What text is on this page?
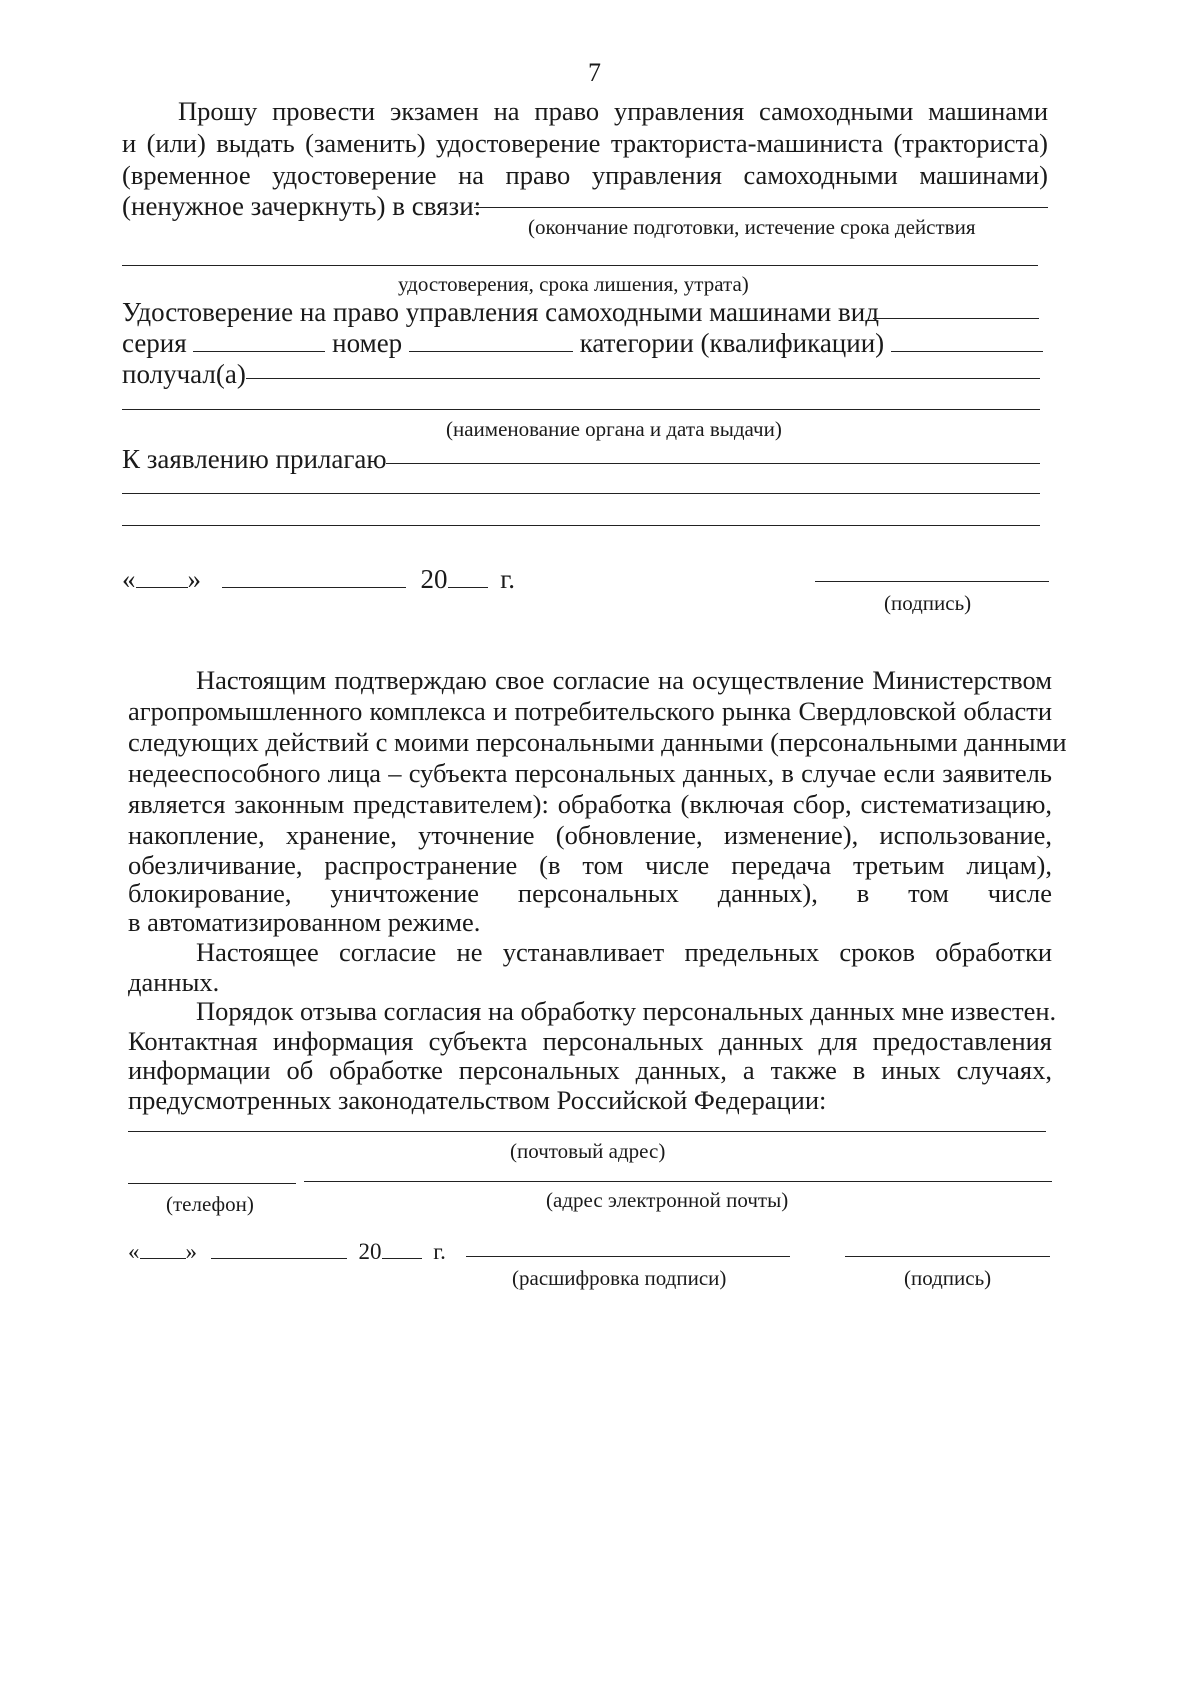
7
Прошу провести экзамен на право управления самоходными машинами
и (или) выдать (заменить) удостоверение тракториста-машиниста (тракториста)
(временное удостоверение на право управления самоходными машинами)
(ненужное зачеркнуть) в связи:
(окончание подготовки, истечение срока действия
удостоверения, срока лишения, утрата)
Удостоверение на право управления самоходными машинами вид
серия	номер	категории (квалификации)
получал(а)
(наименование органа и дата выдачи)
К заявлению прилагаю
« »	20 г.
(подпись)
Настоящим подтверждаю свое согласие на осуществление Министерством
агропромышленного комплекса и потребительского рынка Свердловской области
следующих действий с моими персональными данными (персональными данными
недееспособного лица – субъекта персональных данных, в случае если заявитель
является законным представителем): обработка (включая сбор, систематизацию,
накопление, хранение, уточнение (обновление, изменение), использование,
обезличивание, распространение (в том числе передача третьим лицам),
блокирование, уничтожение персональных данных), в том числе
в автоматизированном режиме.
Настоящее согласие не устанавливает предельных сроков обработки
данных.
Порядок отзыва согласия на обработку персональных данных мне известен.
Контактная информация субъекта персональных данных для предоставления
информации об обработке персональных данных, а также в иных случаях,
предусмотренных законодательством Российской Федерации:
(почтовый адрес)
(телефон)	(адрес электронной почты)
« »	20 г.
(расшифровка подписи)	(подпись)
